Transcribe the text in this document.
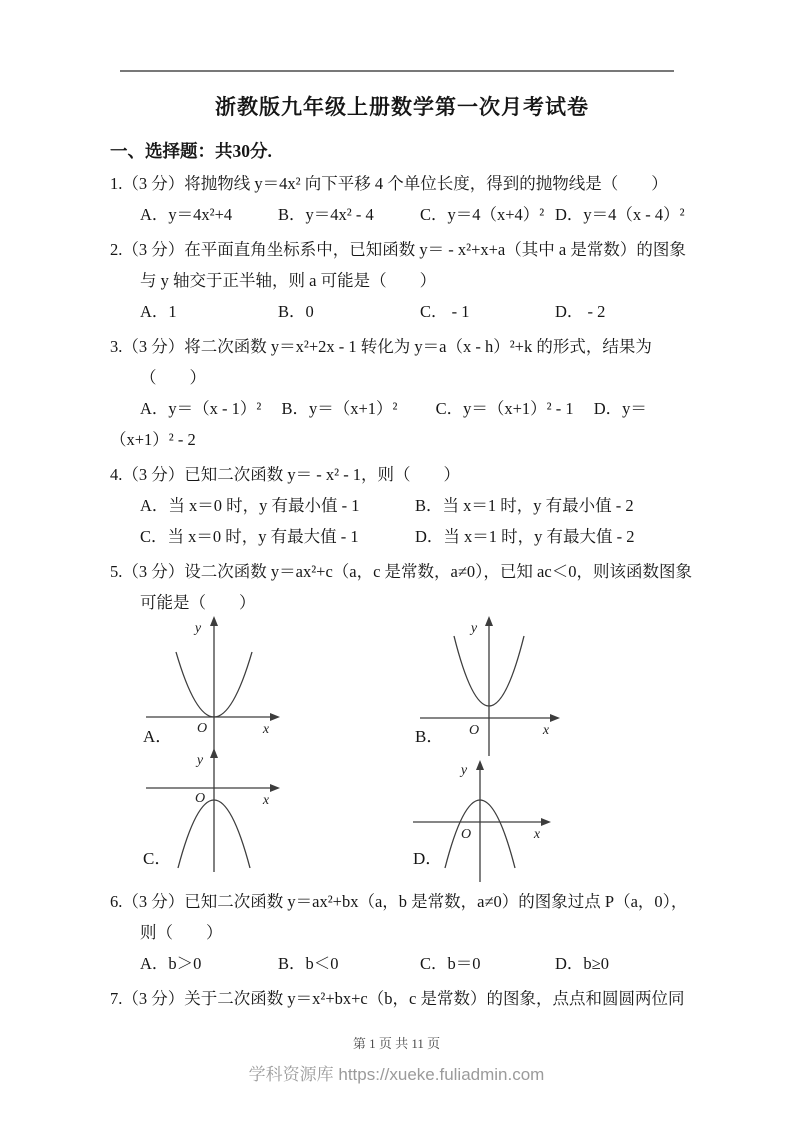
浙教版九年级上册数学第一次月考试卷
一、选择题：共30分.

1.（3 分）将抛物线 y＝4x² 向下平移 4 个单位长度，得到的抛物线是（　　）

A．y＝4x²+4	B．y＝4x² - 4	C．y＝4（x+4）² D．y＝4（x - 4）²

2.（3 分）在平面直角坐标系中，已知函数 y＝ - x²+x+a（其中 a 是常数）的图象与 y 轴交于正半轴，则 a 可能是（　　）

A．1	B．0	C． - 1	D． - 2

3.（3 分）将二次函数 y＝x²+2x - 1 转化为 y＝a（x - h）²+k 的形式，结果为（　　）

A．y＝（x - 1）² B．y＝（x+1）² C．y＝（x+1）² - 1 D．y＝（x+1）² - 2

4.（3 分）已知二次函数 y＝ - x² - 1，则（　　）

A．当 x＝0 时，y 有最小值 - 1	B．当 x＝1 时，y 有最小值 - 2
C．当 x＝0 时，y 有最大值 - 1	D．当 x＝1 时，y 有最大值 - 2

5.（3 分）设二次函数 y＝ax²+c（a，c 是常数，a≠0），已知 ac＜0，则该函数图象可能是（　　）

y
x
O
A．
y
x
O
B．
y
x
O
C．
y
x
O
D．

6.（3 分）已知二次函数 y＝ax²+bx（a，b 是常数，a≠0）的图象过点 P（a，0），则（　　）

A．b＞0	B．b＜0	C．b＝0	D．b≥0

7.（3 分）关于二次函数 y＝x²+bx+c（b，c 是常数）的图象，点点和圆圆两位同

第 1 页 共 11 页
学科资源库 https://xueke.fuliadmin.com
